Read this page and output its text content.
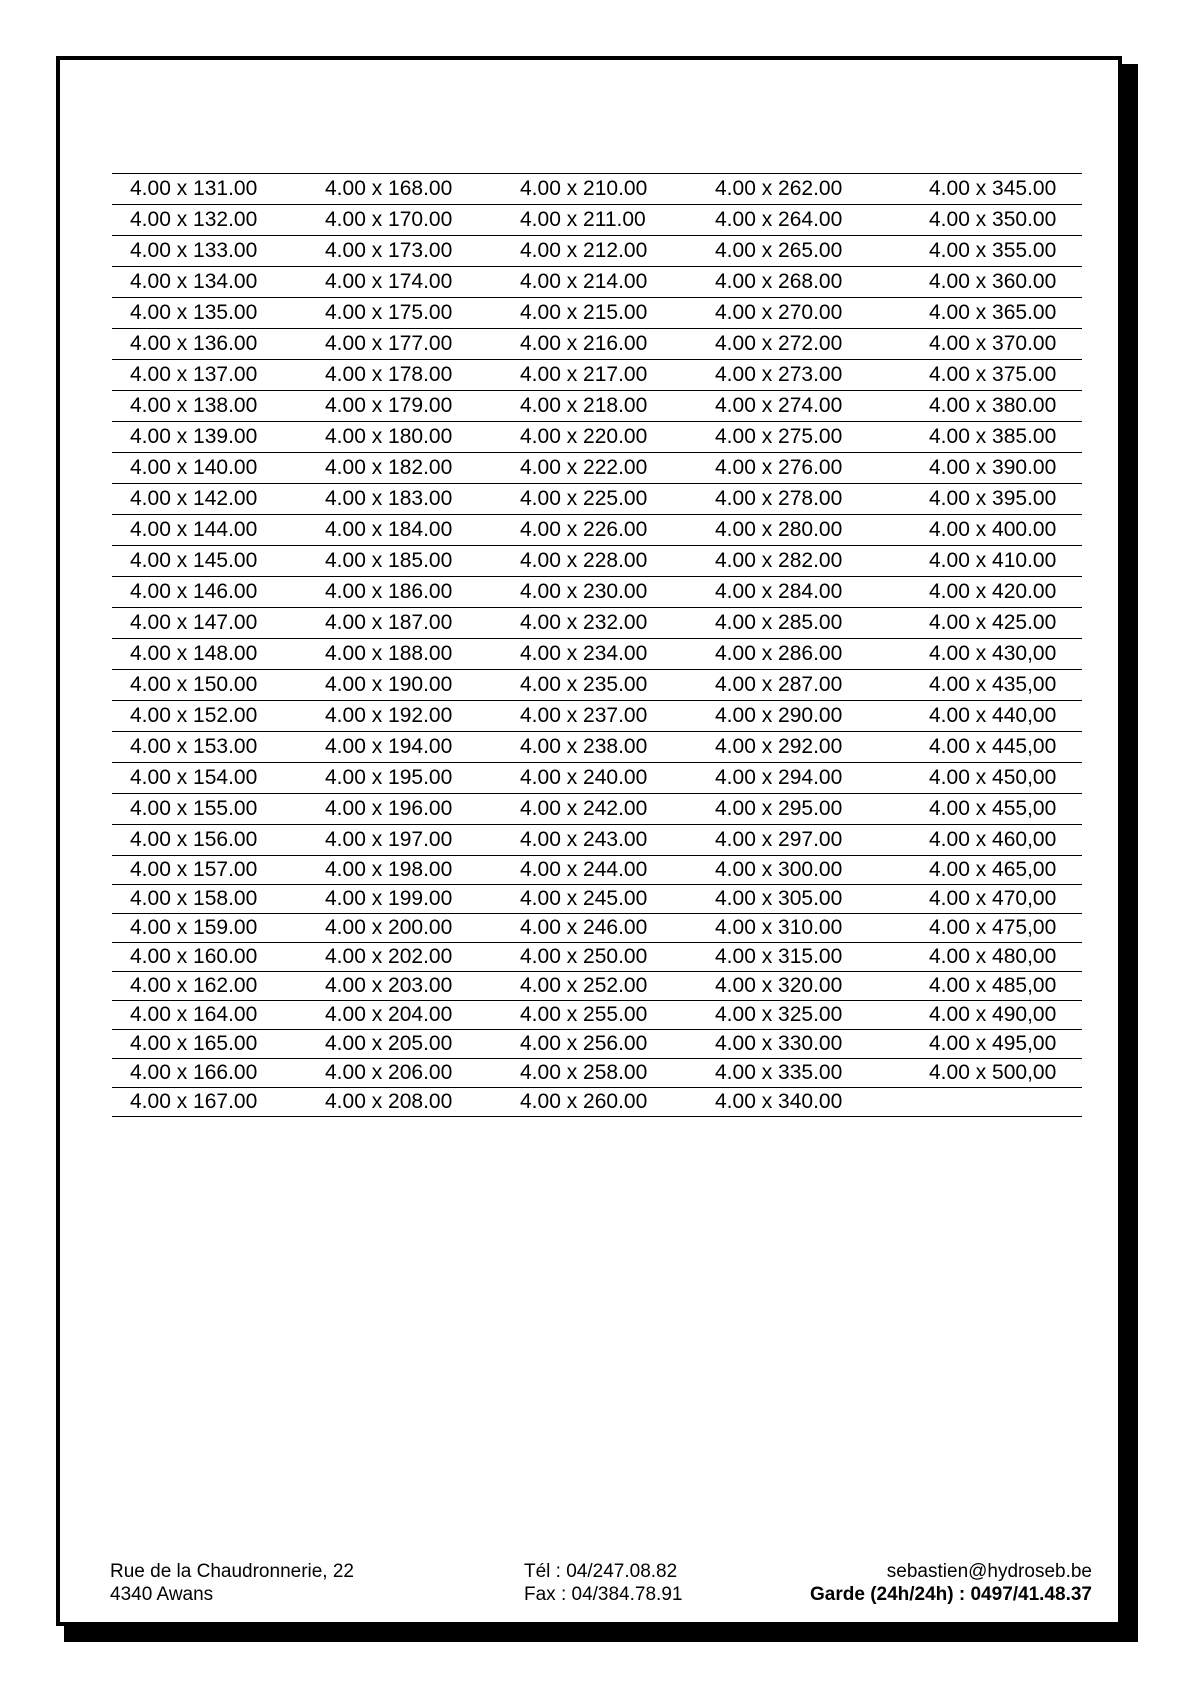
4.00 x 131.00	4.00 x 168.00	4.00 x 210.00	4.00 x 262.00	4.00 x 345.00
4.00 x 132.00	4.00 x 170.00	4.00 x 211.00	4.00 x 264.00	4.00 x 350.00
4.00 x 133.00	4.00 x 173.00	4.00 x 212.00	4.00 x 265.00	4.00 x 355.00
4.00 x 134.00	4.00 x 174.00	4.00 x 214.00	4.00 x 268.00	4.00 x 360.00
4.00 x 135.00	4.00 x 175.00	4.00 x 215.00	4.00 x 270.00	4.00 x 365.00
4.00 x 136.00	4.00 x 177.00	4.00 x 216.00	4.00 x 272.00	4.00 x 370.00
4.00 x 137.00	4.00 x 178.00	4.00 x 217.00	4.00 x 273.00	4.00 x 375.00
4.00 x 138.00	4.00 x 179.00	4.00 x 218.00	4.00 x 274.00	4.00 x 380.00
4.00 x 139.00	4.00 x 180.00	4.00 x 220.00	4.00 x 275.00	4.00 x 385.00
4.00 x 140.00	4.00 x 182.00	4.00 x 222.00	4.00 x 276.00	4.00 x 390.00
4.00 x 142.00	4.00 x 183.00	4.00 x 225.00	4.00 x 278.00	4.00 x 395.00
4.00 x 144.00	4.00 x 184.00	4.00 x 226.00	4.00 x 280.00	4.00 x 400.00
4.00 x 145.00	4.00 x 185.00	4.00 x 228.00	4.00 x 282.00	4.00 x 410.00
4.00 x 146.00	4.00 x 186.00	4.00 x 230.00	4.00 x 284.00	4.00 x 420.00
4.00 x 147.00	4.00 x 187.00	4.00 x 232.00	4.00 x 285.00	4.00 x 425.00
4.00 x 148.00	4.00 x 188.00	4.00 x 234.00	4.00 x 286.00	4.00 x 430,00
4.00 x 150.00	4.00 x 190.00	4.00 x 235.00	4.00 x 287.00	4.00 x 435,00
4.00 x 152.00	4.00 x 192.00	4.00 x 237.00	4.00 x 290.00	4.00 x 440,00
4.00 x 153.00	4.00 x 194.00	4.00 x 238.00	4.00 x 292.00	4.00 x 445,00
4.00 x 154.00	4.00 x 195.00	4.00 x 240.00	4.00 x 294.00	4.00 x 450,00
4.00 x 155.00	4.00 x 196.00	4.00 x 242.00	4.00 x 295.00	4.00 x 455,00
4.00 x 156.00	4.00 x 197.00	4.00 x 243.00	4.00 x 297.00	4.00 x 460,00
4.00 x 157.00	4.00 x 198.00	4.00 x 244.00	4.00 x 300.00	4.00 x 465,00
4.00 x 158.00	4.00 x 199.00	4.00 x 245.00	4.00 x 305.00	4.00 x 470,00
4.00 x 159.00	4.00 x 200.00	4.00 x 246.00	4.00 x 310.00	4.00 x 475,00
4.00 x 160.00	4.00 x 202.00	4.00 x 250.00	4.00 x 315.00	4.00 x 480,00
4.00 x 162.00	4.00 x 203.00	4.00 x 252.00	4.00 x 320.00	4.00 x 485,00
4.00 x 164.00	4.00 x 204.00	4.00 x 255.00	4.00 x 325.00	4.00 x 490,00
4.00 x 165.00	4.00 x 205.00	4.00 x 256.00	4.00 x 330.00	4.00 x 495,00
4.00 x 166.00	4.00 x 206.00	4.00 x 258.00	4.00 x 335.00	4.00 x 500,00
4.00 x 167.00	4.00 x 208.00	4.00 x 260.00	4.00 x 340.00	
Rue de la Chaudronnerie, 22
4340 Awans
Tél : 04/247.08.82
Fax : 04/384.78.91
sebastien@hydroseb.be
Garde (24h/24h) : 0497/41.48.37
